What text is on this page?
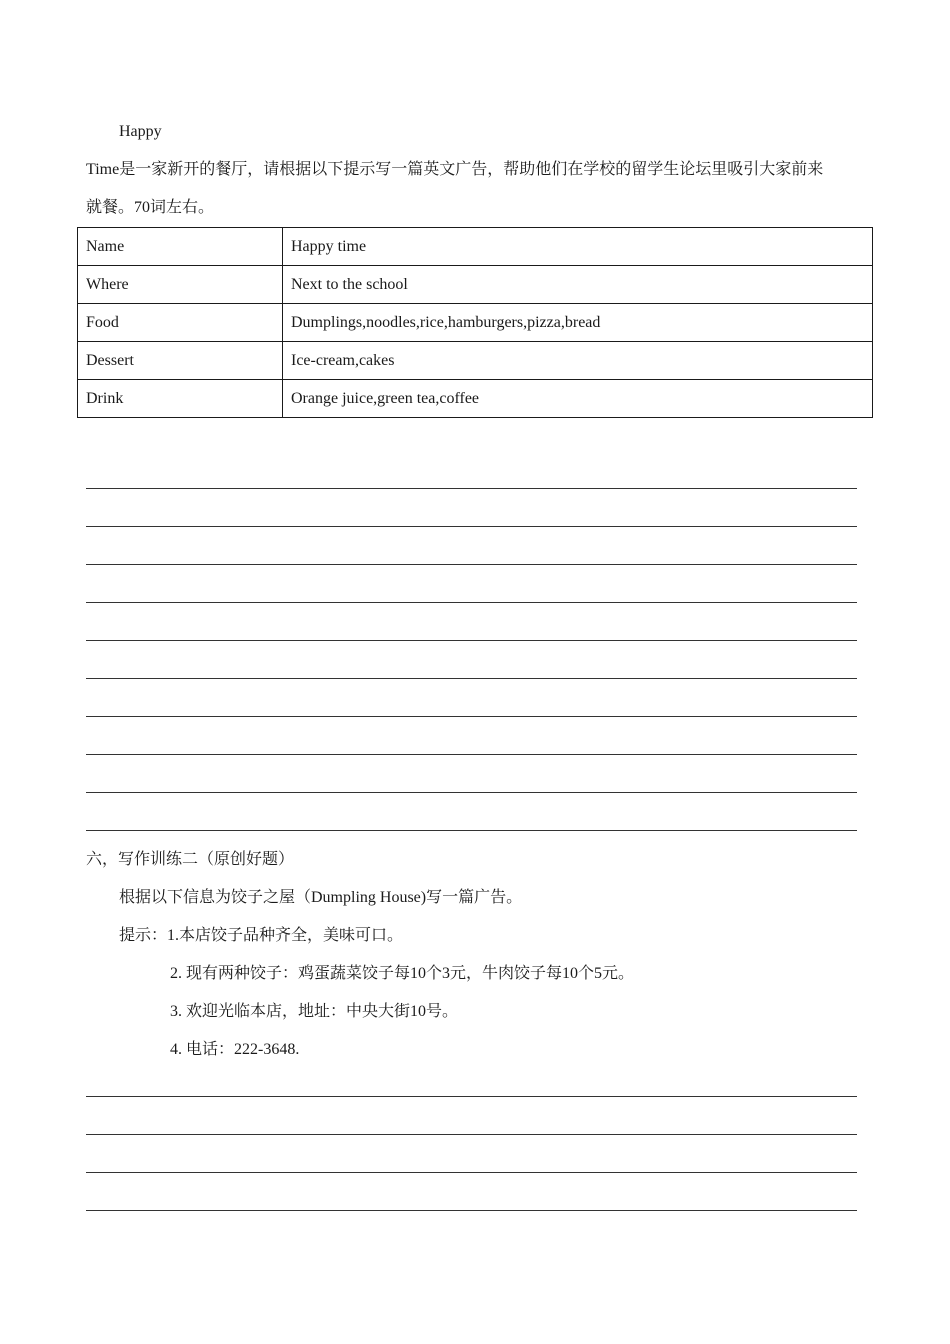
Happy
Time是一家新开的餐厅，请根据以下提示写一篇英文广告，帮助他们在学校的留学生论坛里吸引大家前来
就餐。70词左右。
Name	Happy time
Where	Next to the school
Food	Dumplings,noodles,rice,hamburgers,pizza,bread
Dessert	Ice-cream,cakes
Drink	Orange juice,green tea,coffee
六，写作训练二（原创好题）
根据以下信息为饺子之屋（Dumpling House)写一篇广告。
提示：1.本店饺子品种齐全，美味可口。
2. 现有两种饺子：鸡蛋蔬菜饺子每10个3元，牛肉饺子每10个5元。
3. 欢迎光临本店，地址：中央大街10号。
4. 电话：222-3648.
